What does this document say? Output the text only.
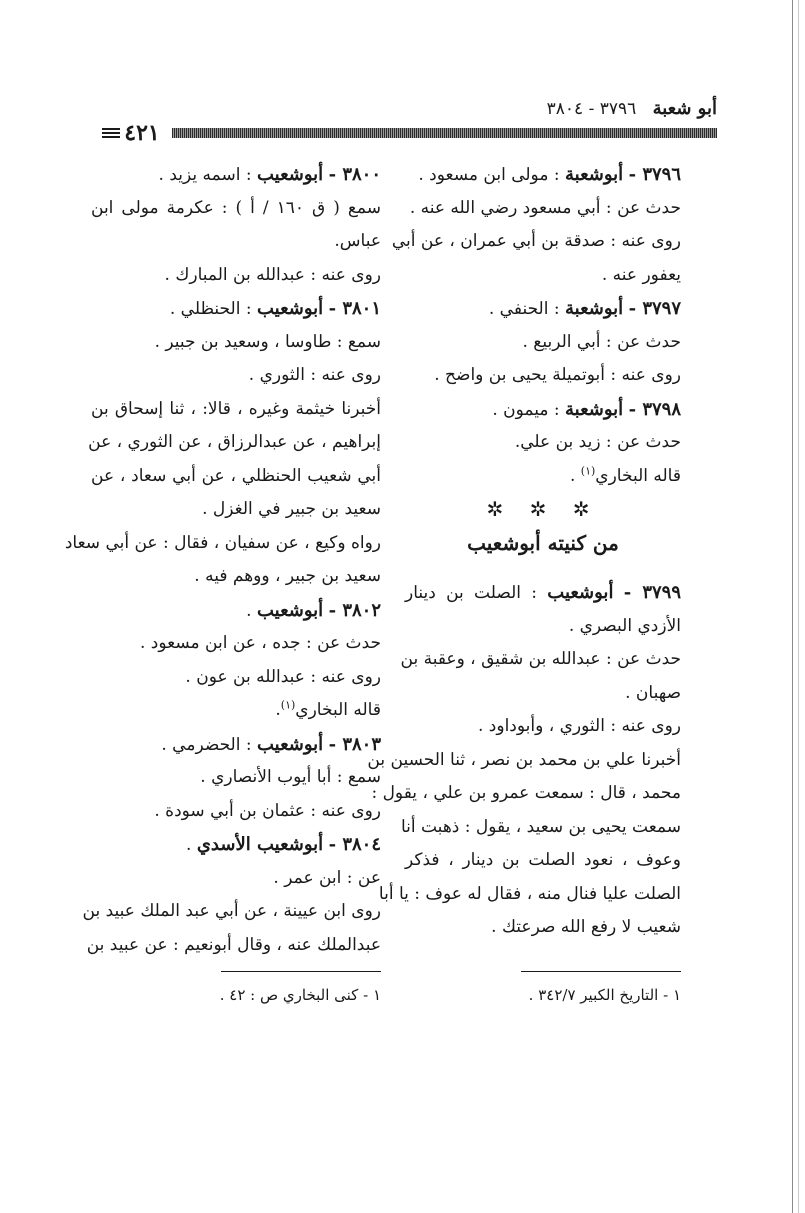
أبو شعبة ٣٧٩٦ - ٣٨٠٤
٤٢١
٣٧٩٦ - أبوشعبة : مولى ابن مسعود .
حدث عن : أبي مسعود رضي الله عنه .
روى عنه : صدقة بن أبي عمران ، عن أبي
يعفور عنه .
٣٧٩٧ - أبوشعبة : الحنفي .
حدث عن : أبي الربيع .
روى عنه : أبوتميلة يحيى بن واضح .
٣٧٩٨ - أبوشعبة : ميمون .
حدث عن : زيد بن علي.
قاله البخاري$^{(١)}$ .
✲ ✲ ✲
من كنيته أبوشعيب
٣٧٩٩ - أبوشعيب : الصلت بن دينار
الأزدي البصري .
حدث عن : عبدالله بن شقيق ، وعقبة بن
صهبان .
روى عنه : الثوري ، وأبوداود .
أخبرنا علي بن محمد بن نصر ، ثنا الحسين بن
محمد ، قال : سمعت عمرو بن علي ، يقول :
سمعت يحيى بن سعيد ، يقول : ذهبت أنا
وعوف ، نعود الصلت بن دينار ، فذكر
الصلت عليا فنال منه ، فقال له عوف : يا أبا
شعيب لا رفع الله صرعتك .
٣٨٠٠ - أبوشعيب : اسمه يزيد .
سمع ( ق ١٦٠ / أ ) : عكرمة مولى ابن
عباس.
روى عنه : عبدالله بن المبارك .
٣٨٠١ - أبوشعيب : الحنظلي .
سمع : طاوسا ، وسعيد بن جبير .
روى عنه : الثوري .
أخبرنا خيثمة وغيره ، قالا: ، ثنا إسحاق بن
إبراهيم ، عن عبدالرزاق ، عن الثوري ، عن
أبي شعيب الحنظلي ، عن أبي سعاد ، عن
سعيد بن جبير في الغزل .
رواه وكيع ، عن سفيان ، فقال : عن أبي سعاد
سعيد بن جبير ، ووهم فيه .
٣٨٠٢ - أبوشعيب .
حدث عن : جده ، عن ابن مسعود .
روى عنه : عبدالله بن عون .
قاله البخاري$^{(١)}$.
٣٨٠٣ - أبوشعيب : الحضرمي .
سمع : أبا أيوب الأنصاري .
روى عنه : عثمان بن أبي سودة .
٣٨٠٤ - أبوشعيب الأسدي .
عن : ابن عمر .
روى ابن عيينة ، عن أبي عبد الملك عبيد بن
عبدالملك عنه ، وقال أبونعيم : عن عبيد بن
١ - التاريخ الكبير ٣٤٢/٧ .
١ - كنى البخاري ص : ٤٢ .
